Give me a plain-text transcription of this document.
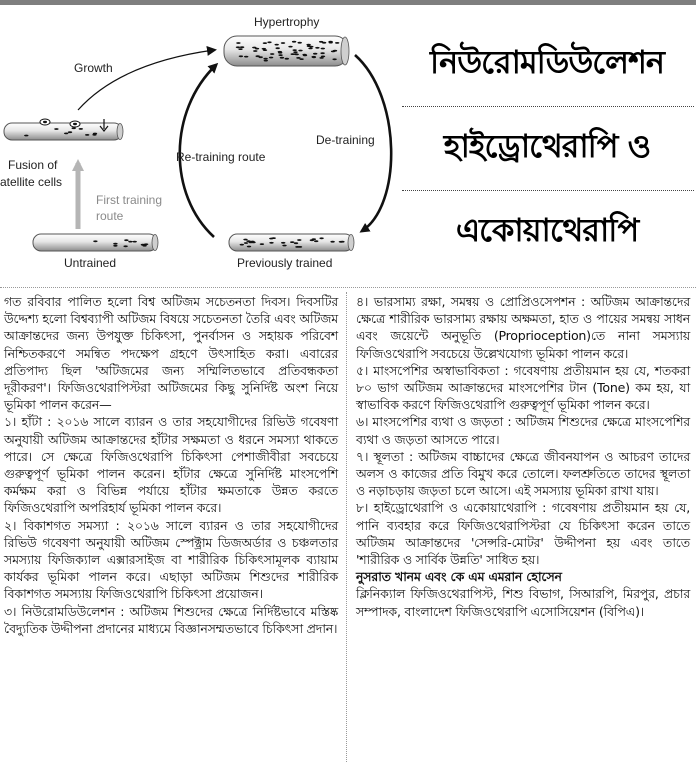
Hypertrophy
Growth
Fusion of
atellite cells
Re-training route
De-training
First training
route
Untrained	Previously trained
নিউরোমডিউলেশন
হাইড্রোথেরাপি ও
একোয়াথেরাপি

গত রবিবার পালিত হলো বিশ্ব অটিজম সচেতনতা দিবস। দিবসটির উদ্দেশ্য হলো বিশ্বব্যাপী অটিজম বিষয়ে সচেতনতা তৈরি এবং অটিজম আক্রান্তদের জন্য উপযুক্ত চিকিৎসা, পুনর্বাসন ও সহায়ক পরিবেশ নিশ্চিতকরণে সমন্বিত পদক্ষেপ গ্রহণে উৎসাহিত করা। এবারের প্রতিপাদ্য ছিল 'অটিজমের জন্য সম্মিলিতভাবে প্রতিবন্ধকতা দূরীকরণ'। ফিজিওথেরাপিস্টরা অটিজমের কিছু সুনির্দিষ্ট অংশ নিয়ে ভূমিকা পালন করেন—

১। হাঁটা : ২০১৬ সালে ব্যারন ও তার সহযোগীদের রিভিউ গবেষণা অনুযায়ী অটিজম আক্রান্তদের হাঁটার সক্ষমতা ও ধরনে সমস্যা থাকতে পারে। সে ক্ষেত্রে ফিজিওথেরাপি চিকিৎসা পেশাজীবীরা সবচেয়ে গুরুত্বপূর্ণ ভূমিকা পালন করেন। হাঁটার ক্ষেত্রে সুনির্দিষ্ট মাংসপেশি কর্মক্ষম করা ও বিভিন্ন পর্যায়ে হাঁটার ক্ষমতাকে উন্নত করতে ফিজিওথেরাপি অপরিহার্য ভূমিকা পালন করে।

২। বিকাশগত সমস্যা : ২০১৬ সালে ব্যারন ও তার সহযোগীদের রিভিউ গবেষণা অনুযায়ী অটিজম স্পেক্ট্রাম ডিজঅর্ডার ও চঞ্চলতার সমস্যায় ফিজিক্যাল এক্সারসাইজ বা শারীরিক চিকিৎসামূলক ব্যায়াম কার্যকর ভূমিকা পালন করে। এছাড়া অটিজম শিশুদের শারীরিক বিকাশগত সমস্যায় ফিজিওথেরাপি চিকিৎসা প্রয়োজন।

৩। নিউরোমডিউলেশন : অটিজম শিশুদের ক্ষেত্রে নির্দিষ্টভাবে মস্তিষ্ক বৈদ্যুতিক উদ্দীপনা প্রদানের মাধ্যমে বিজ্ঞানসম্মতভাবে চিকিৎসা প্রদান।

৪। ভারসাম্য রক্ষা, সমন্বয় ও প্রোপ্রিওসেপশন : অটিজম আক্রান্তদের ক্ষেত্রে শারীরিক ভারসাম্য রক্ষায় অক্ষমতা, হাত ও পায়ের সমন্বয় সাধন এবং জয়েন্টে অনুভূতি (Proprioception)তে নানা সমস্যায় ফিজিওথেরাপি সবচেয়ে উল্লেখযোগ্য ভূমিকা পালন করে।

৫। মাংসপেশির অস্বাভাবিকতা : গবেষণায় প্রতীয়মান হয় যে, শতকরা ৮০ ভাগ অটিজম আক্রান্তদের মাংসপেশির টান (Tone) কম হয়, যা স্বাভাবিক করণে ফিজিওথেরাপি গুরুত্বপূর্ণ ভূমিকা পালন করে।

৬। মাংসপেশির ব্যথা ও জড়তা : অটিজম শিশুদের ক্ষেত্রে মাংসপেশির ব্যথা ও জড়তা আসতে পারে।

৭। স্থূলতা : অটিজম বাচ্চাদের ক্ষেত্রে জীবনযাপন ও আচরণ তাদের অলস ও কাজের প্রতি বিমুখ করে তোলে। ফলশ্রুতিতে তাদের স্থূলতা ও নড়াচড়ায় জড়তা চলে আসে। এই সমস্যায় ভূমিকা রাখা যায়।

৮। হাইড্রোথেরাপি ও একোয়াথেরাপি : গবেষণায় প্রতীয়মান হয় যে, পানি ব্যবহার করে ফিজিওথেরাপিস্টরা যে চিকিৎসা করেন তাতে অটিজম আক্রান্তদের 'সেন্সরি-মোটর' উদ্দীপনা হয় এবং তাতে 'শারীরিক ও সার্বিক উন্নতি' সাধিত হয়।

নুসরাত খানম এবং কে এম এমরান হোসেন

ক্লিনিক্যাল ফিজিওথেরাপিস্ট, শিশু বিভাগ, সিআরপি, মিরপুর, প্রচার সম্পাদক, বাংলাদেশ ফিজিওথেরাপি এসোসিয়েশন (বিপিএ)।
